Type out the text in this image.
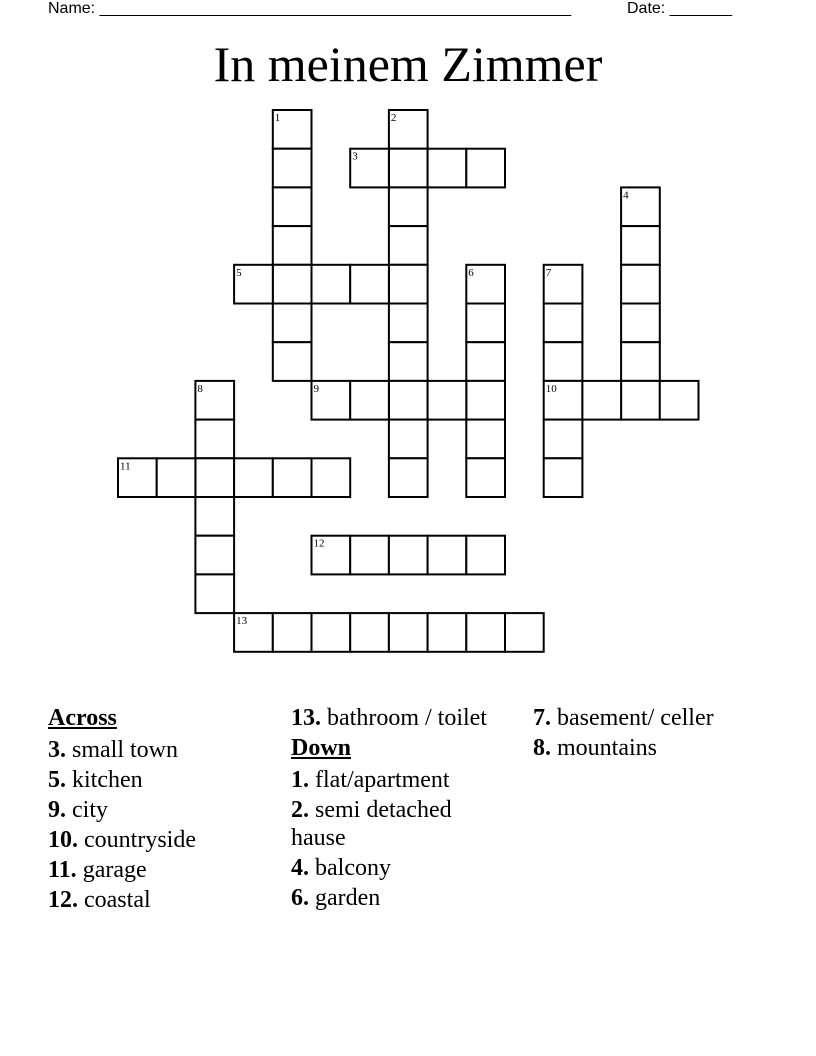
Name: _____________________________________________________	Date: _______
In meinem Zimmer
1	2
3
4
5	6	7
8	9	10
11
12
13
Across
3. small town
5. kitchen
9. city
10. countryside
11. garage
12. coastal
13. bathroom / toilet
Down
1. flat/apartment
2. semi detached hause
4. balcony
6. garden
7. basement/ celler
8. mountains
